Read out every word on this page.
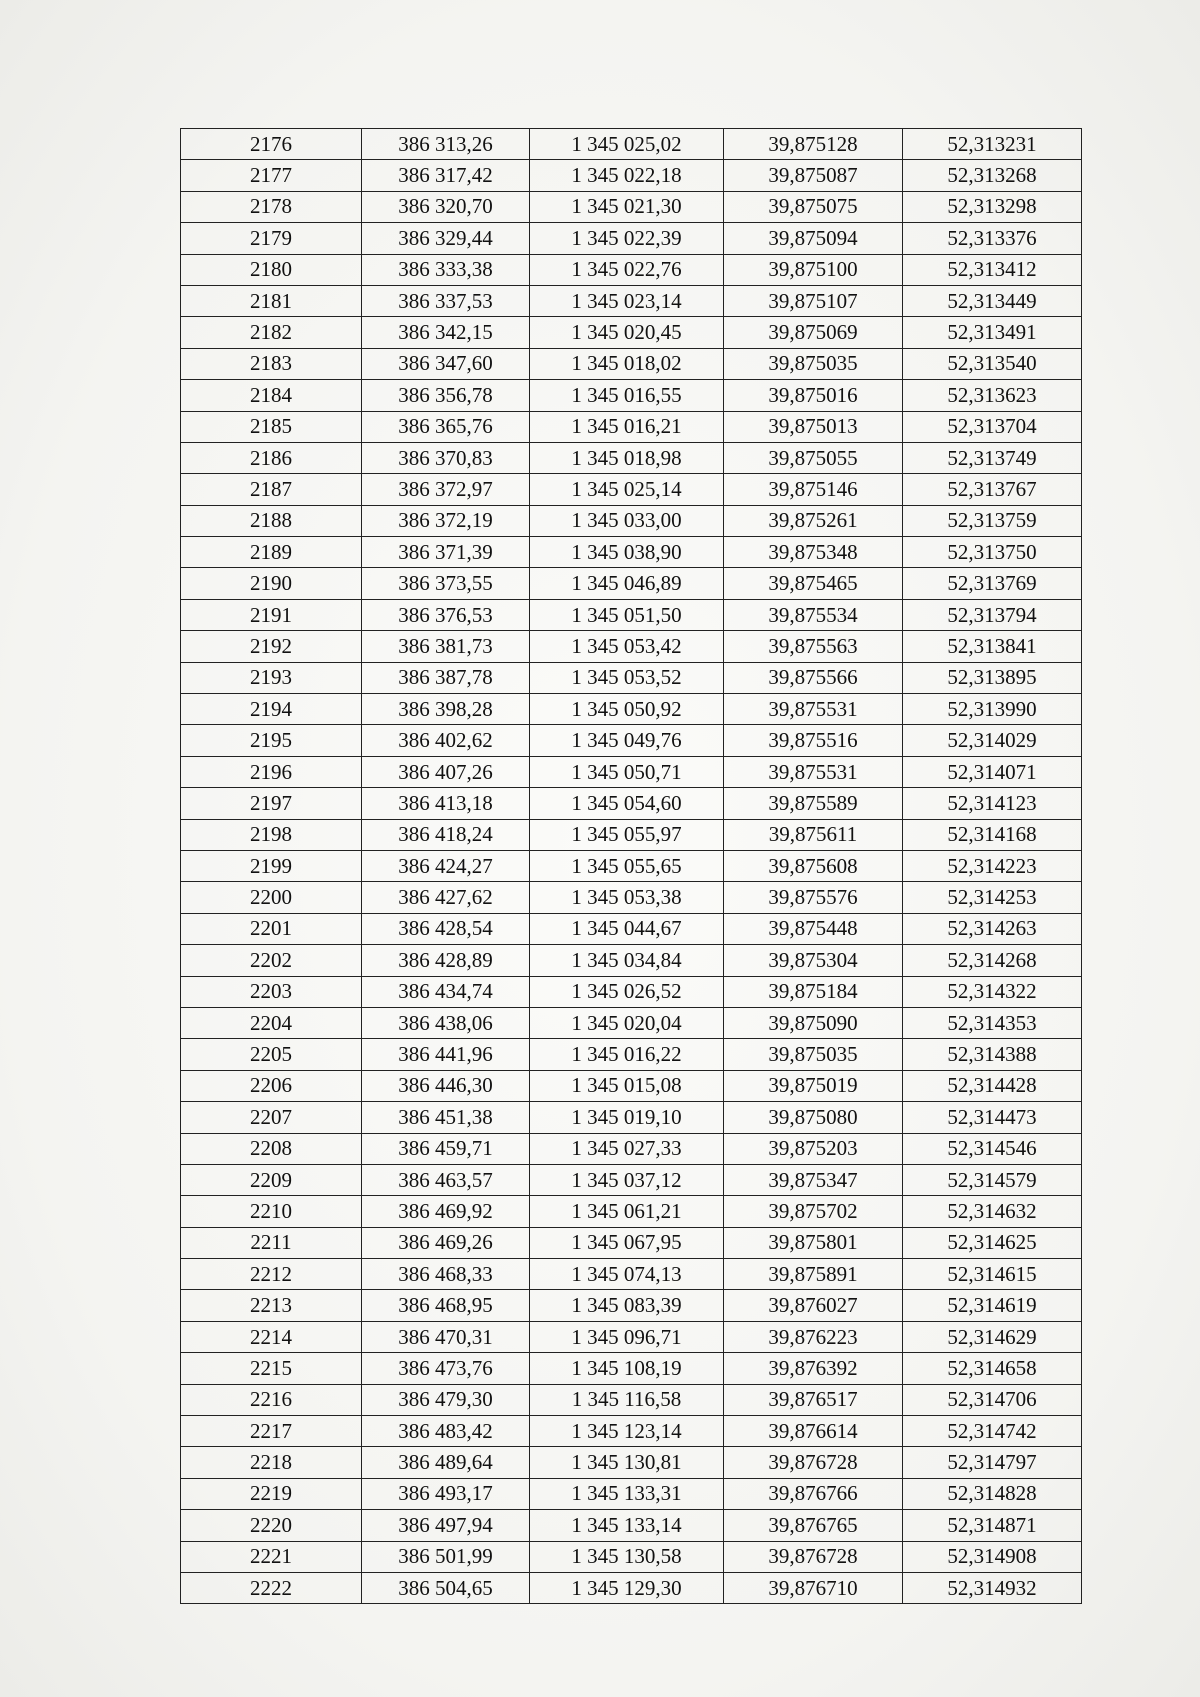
2176	386 313,26	1 345 025,02	39,875128	52,313231
2177	386 317,42	1 345 022,18	39,875087	52,313268
2178	386 320,70	1 345 021,30	39,875075	52,313298
2179	386 329,44	1 345 022,39	39,875094	52,313376
2180	386 333,38	1 345 022,76	39,875100	52,313412
2181	386 337,53	1 345 023,14	39,875107	52,313449
2182	386 342,15	1 345 020,45	39,875069	52,313491
2183	386 347,60	1 345 018,02	39,875035	52,313540
2184	386 356,78	1 345 016,55	39,875016	52,313623
2185	386 365,76	1 345 016,21	39,875013	52,313704
2186	386 370,83	1 345 018,98	39,875055	52,313749
2187	386 372,97	1 345 025,14	39,875146	52,313767
2188	386 372,19	1 345 033,00	39,875261	52,313759
2189	386 371,39	1 345 038,90	39,875348	52,313750
2190	386 373,55	1 345 046,89	39,875465	52,313769
2191	386 376,53	1 345 051,50	39,875534	52,313794
2192	386 381,73	1 345 053,42	39,875563	52,313841
2193	386 387,78	1 345 053,52	39,875566	52,313895
2194	386 398,28	1 345 050,92	39,875531	52,313990
2195	386 402,62	1 345 049,76	39,875516	52,314029
2196	386 407,26	1 345 050,71	39,875531	52,314071
2197	386 413,18	1 345 054,60	39,875589	52,314123
2198	386 418,24	1 345 055,97	39,875611	52,314168
2199	386 424,27	1 345 055,65	39,875608	52,314223
2200	386 427,62	1 345 053,38	39,875576	52,314253
2201	386 428,54	1 345 044,67	39,875448	52,314263
2202	386 428,89	1 345 034,84	39,875304	52,314268
2203	386 434,74	1 345 026,52	39,875184	52,314322
2204	386 438,06	1 345 020,04	39,875090	52,314353
2205	386 441,96	1 345 016,22	39,875035	52,314388
2206	386 446,30	1 345 015,08	39,875019	52,314428
2207	386 451,38	1 345 019,10	39,875080	52,314473
2208	386 459,71	1 345 027,33	39,875203	52,314546
2209	386 463,57	1 345 037,12	39,875347	52,314579
2210	386 469,92	1 345 061,21	39,875702	52,314632
2211	386 469,26	1 345 067,95	39,875801	52,314625
2212	386 468,33	1 345 074,13	39,875891	52,314615
2213	386 468,95	1 345 083,39	39,876027	52,314619
2214	386 470,31	1 345 096,71	39,876223	52,314629
2215	386 473,76	1 345 108,19	39,876392	52,314658
2216	386 479,30	1 345 116,58	39,876517	52,314706
2217	386 483,42	1 345 123,14	39,876614	52,314742
2218	386 489,64	1 345 130,81	39,876728	52,314797
2219	386 493,17	1 345 133,31	39,876766	52,314828
2220	386 497,94	1 345 133,14	39,876765	52,314871
2221	386 501,99	1 345 130,58	39,876728	52,314908
2222	386 504,65	1 345 129,30	39,876710	52,314932
